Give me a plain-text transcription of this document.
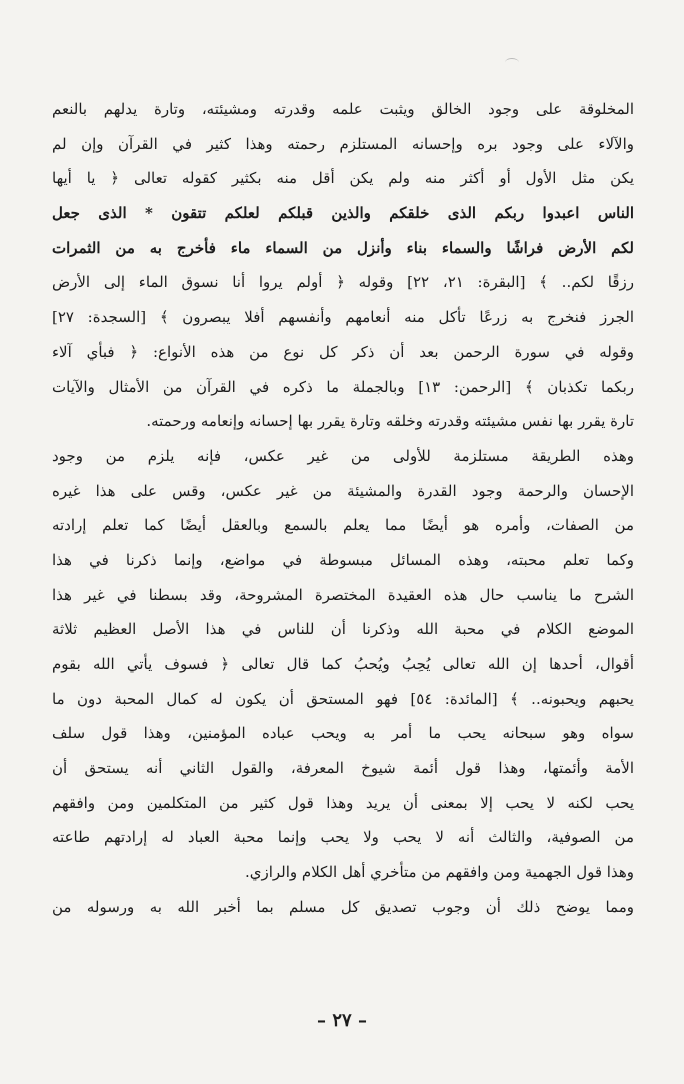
المخلوقة على وجود الخالق ويثبت علمه وقدرته ومشيئته، وتارة يدلهم بالنعم
والآلاء على وجود بره وإحسانه المستلزم رحمته وهذا كثير في القرآن وإن لم
يكن مثل الأول أو أكثر منه ولم يكن أقل منه بكثير كقوله تعالى ﴿ يا أيها
الناس اعبدوا ربكم الذى خلقكم والذين قبلكم لعلكم تتقون * الذى جعل
لكم الأرض فراشًا والسماء بناء وأنزل من السماء ماء فأخرج به من الثمرات
رزقًا لكم.. ﴾ [البقرة: ٢١، ٢٢] وقوله ﴿ أولم يروا أنا نسوق الماء إلى الأرض
الجرز فنخرج به زرعًا تأكل منه أنعامهم وأنفسهم أفلا يبصرون ﴾ [السجدة: ٢٧]
وقوله في سورة الرحمن بعد أن ذكر كل نوع من هذه الأنواع: ﴿ فبأي آلاء
ربكما تكذبان ﴾ [الرحمن: ١٣] وبالجملة ما ذكره في القرآن من الأمثال والآيات
تارة يقرر بها نفس مشيئته وقدرته وخلقه وتارة يقرر بها إحسانه وإنعامه ورحمته.
وهذه الطريقة مستلزمة للأولى من غير عكس، فإنه يلزم من وجود
الإحسان والرحمة وجود القدرة والمشيئة من غير عكس، وقس على هذا غيره
من الصفات، وأمره هو أيضًا مما يعلم بالسمع وبالعقل أيضًا كما تعلم إرادته
وكما تعلم محبته، وهذه المسائل مبسوطة في مواضع، وإنما ذكرنا في هذا
الشرح ما يناسب حال هذه العقيدة المختصرة المشروحة، وقد بسطنا في غير هذا
الموضع الكلام في محبة الله وذكرنا أن للناس في هذا الأصل العظيم ثلاثة
أقوال، أحدها إن الله تعالى يُحِبُ ويُحبُ كما قال تعالى ﴿ فسوف يأتي الله بقوم
يحبهم ويحبونه.. ﴾ [المائدة: ٥٤] فهو المستحق أن يكون له كمال المحبة دون ما
سواه وهو سبحانه يحب ما أمر به ويحب عباده المؤمنين، وهذا قول سلف
الأمة وأئمتها، وهذا قول أئمة شيوخ المعرفة، والقول الثاني أنه يستحق أن
يحب لكنه لا يحب إلا بمعنى أن يريد وهذا قول كثير من المتكلمين ومن وافقهم
من الصوفية، والثالث أنه لا يحب ولا يحب وإنما محبة العباد له إرادتهم طاعته
وهذا قول الجهمية ومن وافقهم من متأخري أهل الكلام والرازي.
ومما يوضح ذلك أن وجوب تصديق كل مسلم بما أخبر الله به ورسوله من
– ٢٧ –
